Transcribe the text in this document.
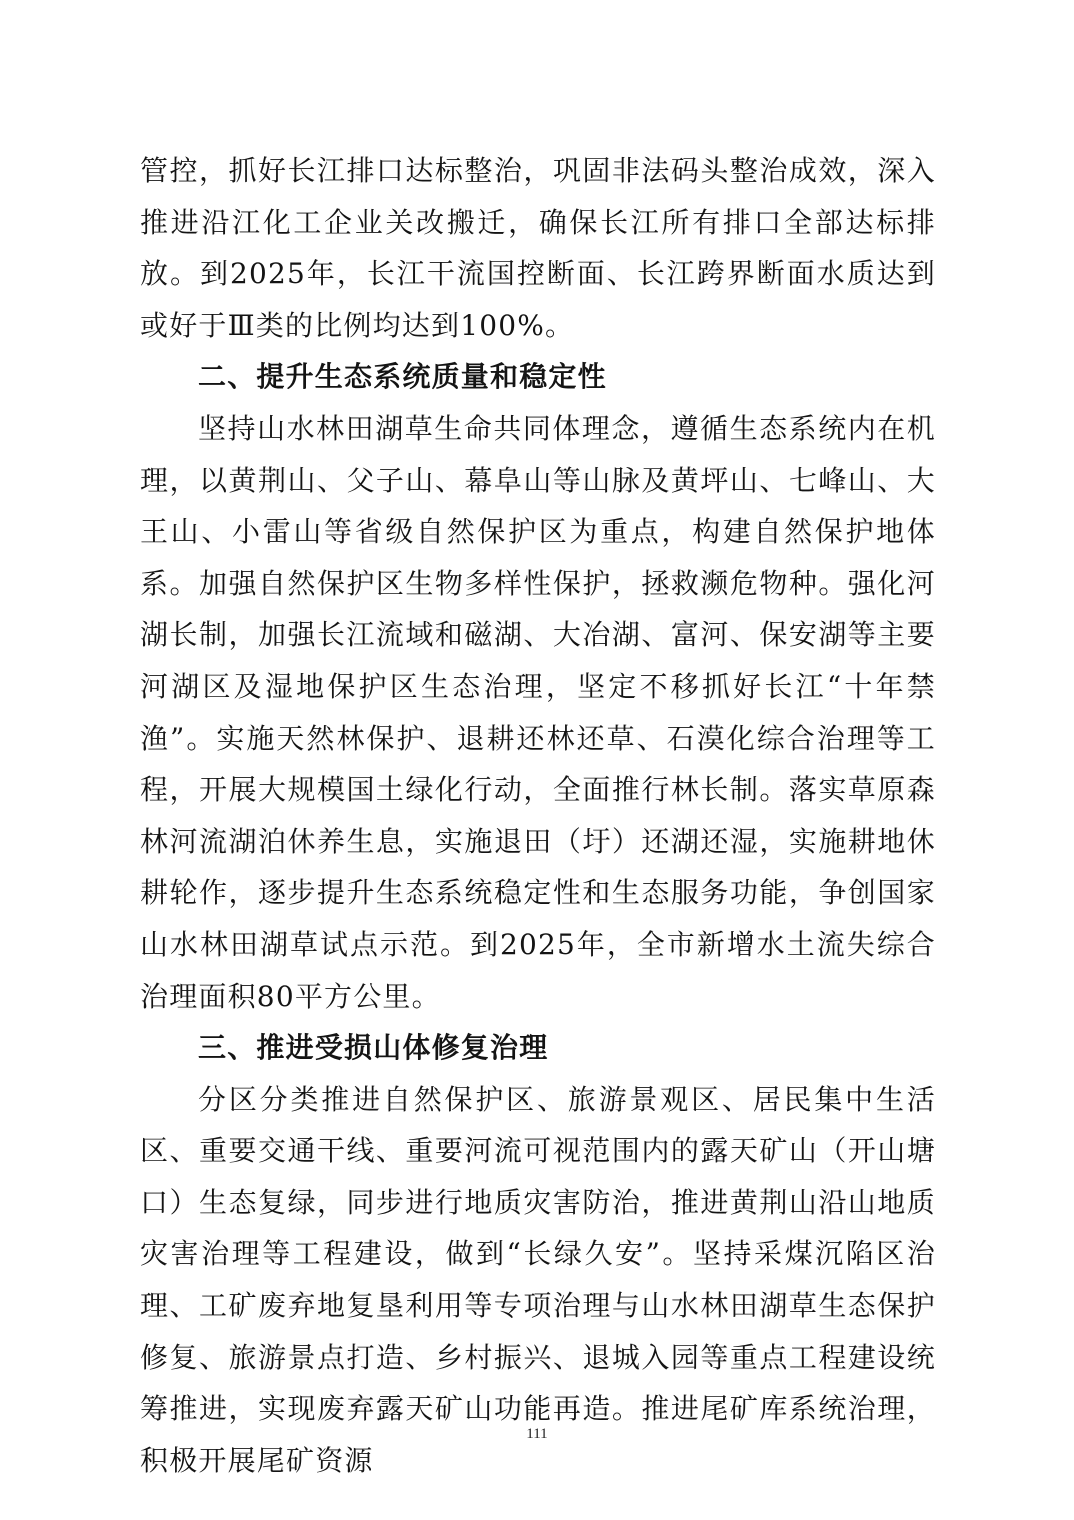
管控，抓好长江排口达标整治，巩固非法码头整治成效，深入推进沿江化工企业关改搬迁，确保长江所有排口全部达标排放。到2025年，长江干流国控断面、长江跨界断面水质达到或好于Ⅲ类的比例均达到100%。

二、提升生态系统质量和稳定性

坚持山水林田湖草生命共同体理念，遵循生态系统内在机理，以黄荆山、父子山、幕阜山等山脉及黄坪山、七峰山、大王山、小雷山等省级自然保护区为重点，构建自然保护地体系。加强自然保护区生物多样性保护，拯救濒危物种。强化河湖长制，加强长江流域和磁湖、大冶湖、富河、保安湖等主要河湖区及湿地保护区生态治理，坚定不移抓好长江“十年禁渔”。实施天然林保护、退耕还林还草、石漠化综合治理等工程，开展大规模国土绿化行动，全面推行林长制。落实草原森林河流湖泊休养生息，实施退田（圩）还湖还湿，实施耕地休耕轮作，逐步提升生态系统稳定性和生态服务功能，争创国家山水林田湖草试点示范。到2025年，全市新增水土流失综合治理面积80平方公里。

三、推进受损山体修复治理

分区分类推进自然保护区、旅游景观区、居民集中生活区、重要交通干线、重要河流可视范围内的露天矿山（开山塘口）生态复绿，同步进行地质灾害防治，推进黄荆山沿山地质灾害治理等工程建设，做到“长绿久安”。坚持采煤沉陷区治理、工矿废弃地复垦利用等专项治理与山水林田湖草生态保护修复、旅游景点打造、乡村振兴、退城入园等重点工程建设统筹推进，实现废弃露天矿山功能再造。推进尾矿库系统治理，积极开展尾矿资源

111
